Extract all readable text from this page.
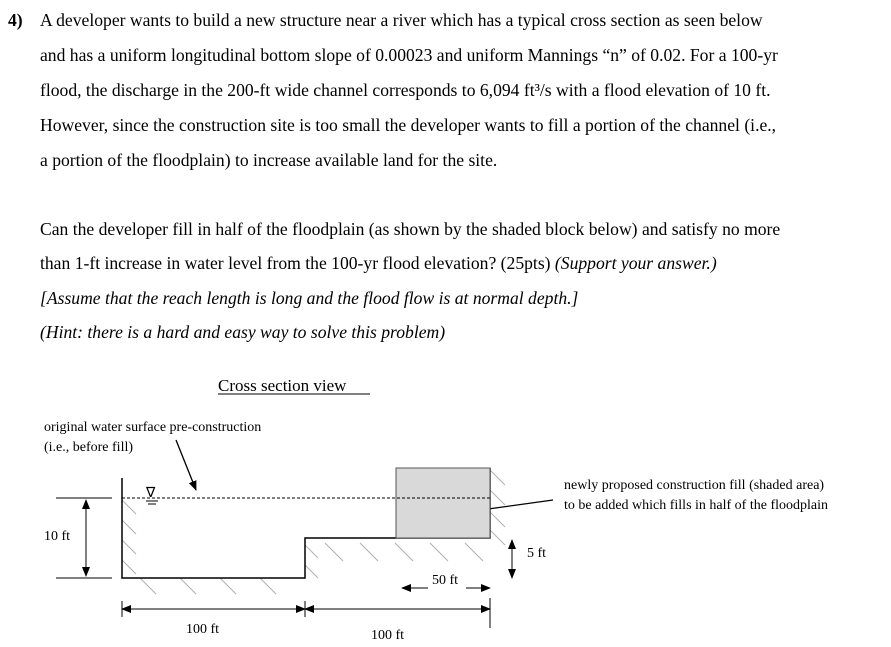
4) A developer wants to build a new structure near a river which has a typical cross section as seen below
and has a uniform longitudinal bottom slope of 0.00023 and uniform Mannings “n” of 0.02. For a 100-yr
flood, the discharge in the 200-ft wide channel corresponds to 6,094 ft³/s with a flood elevation of 10 ft.
However, since the construction site is too small the developer wants to fill a portion of the channel (i.e.,
a portion of the floodplain) to increase available land for the site.
Can the developer fill in half of the floodplain (as shown by the shaded block below) and satisfy no more
than 1-ft increase in water level from the 100-yr flood elevation? (25pts) (Support your answer.)
[Assume that the reach length is long and the flood flow is at normal depth.]
(Hint: there is a hard and easy way to solve this problem)
Cross section view
original water surface pre-construction
(i.e., before fill)
newly proposed construction fill (shaded area)
to be added which fills in half of the floodplain
∇
10 ft
5 ft
50 ft
100 ft	100 ft
